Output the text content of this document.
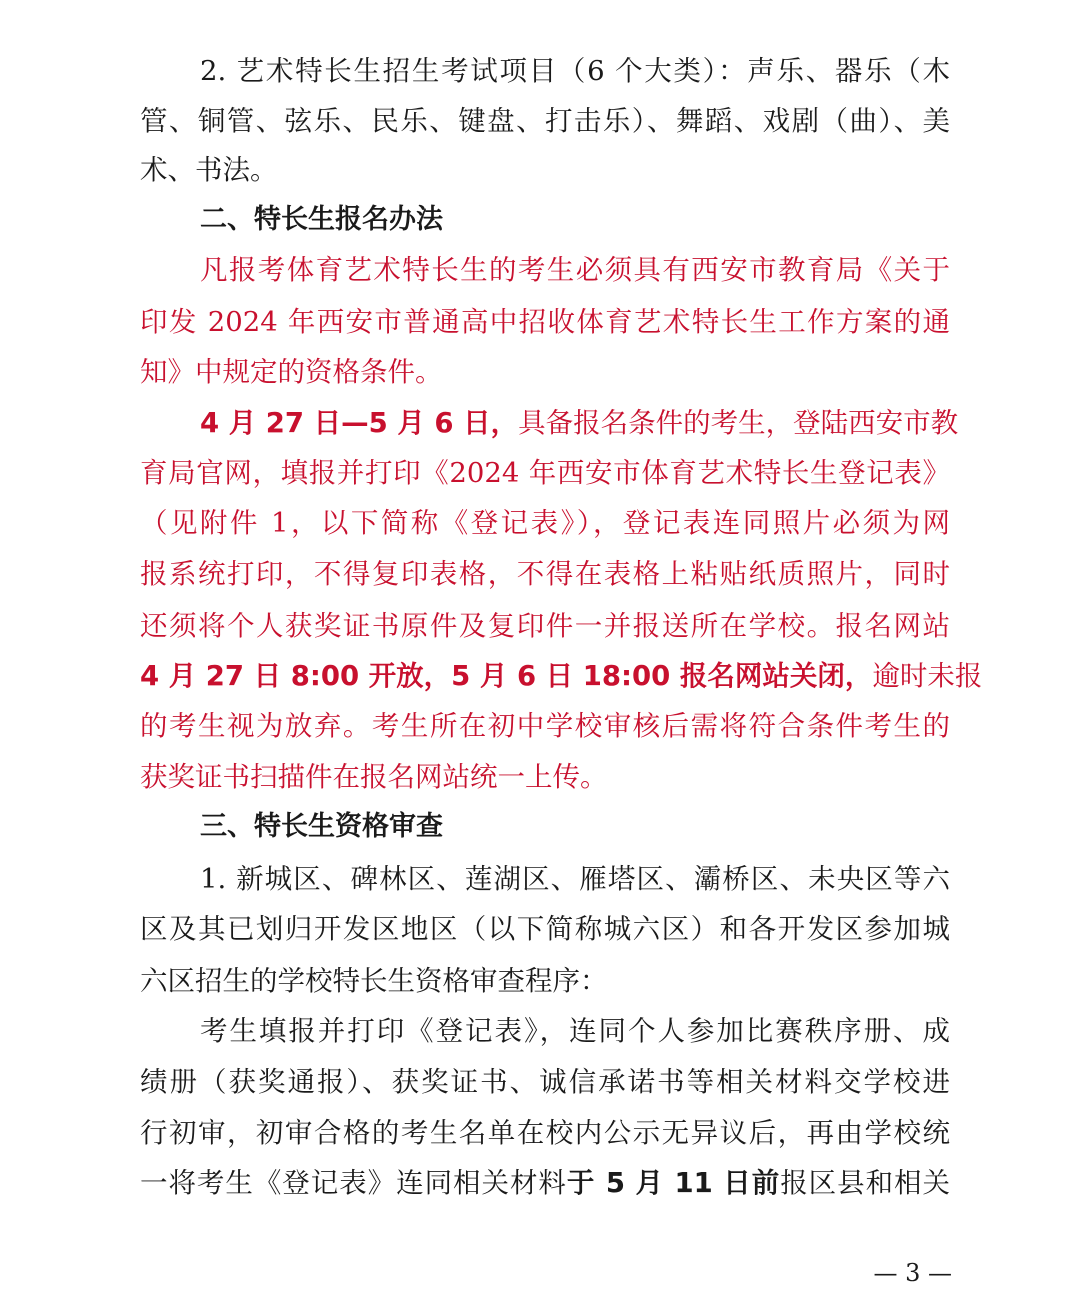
2. 艺术特长生招生考试项目（6 个大类）：声乐、器乐（木
管、铜管、弦乐、民乐、键盘、打击乐）、舞蹈、戏剧（曲）、美
术、书法。
二、特长生报名办法
凡报考体育艺术特长生的考生必须具有西安市教育局《关于
印发 2024 年西安市普通高中招收体育艺术特长生工作方案的通
知》中规定的资格条件。
4 月 27 日—5 月 6 日，具备报名条件的考生，登陆西安市教
育局官网，填报并打印《2024 年西安市体育艺术特长生登记表》
（见附件 1，以下简称《登记表》），登记表连同照片必须为网
报系统打印，不得复印表格，不得在表格上粘贴纸质照片，同时
还须将个人获奖证书原件及复印件一并报送所在学校。报名网站
4 月 27 日 8:00 开放，5 月 6 日 18:00 报名网站关闭，逾时未报
的考生视为放弃。考生所在初中学校审核后需将符合条件考生的
获奖证书扫描件在报名网站统一上传。
三、特长生资格审查
1. 新城区、碑林区、莲湖区、雁塔区、灞桥区、未央区等六
区及其已划归开发区地区（以下简称城六区）和各开发区参加城
六区招生的学校特长生资格审查程序：
考生填报并打印《登记表》，连同个人参加比赛秩序册、成
绩册（获奖通报）、获奖证书、诚信承诺书等相关材料交学校进
行初审，初审合格的考生名单在校内公示无异议后，再由学校统
一将考生《登记表》连同相关材料于 5 月 11 日前报区县和相关
— 3 —
